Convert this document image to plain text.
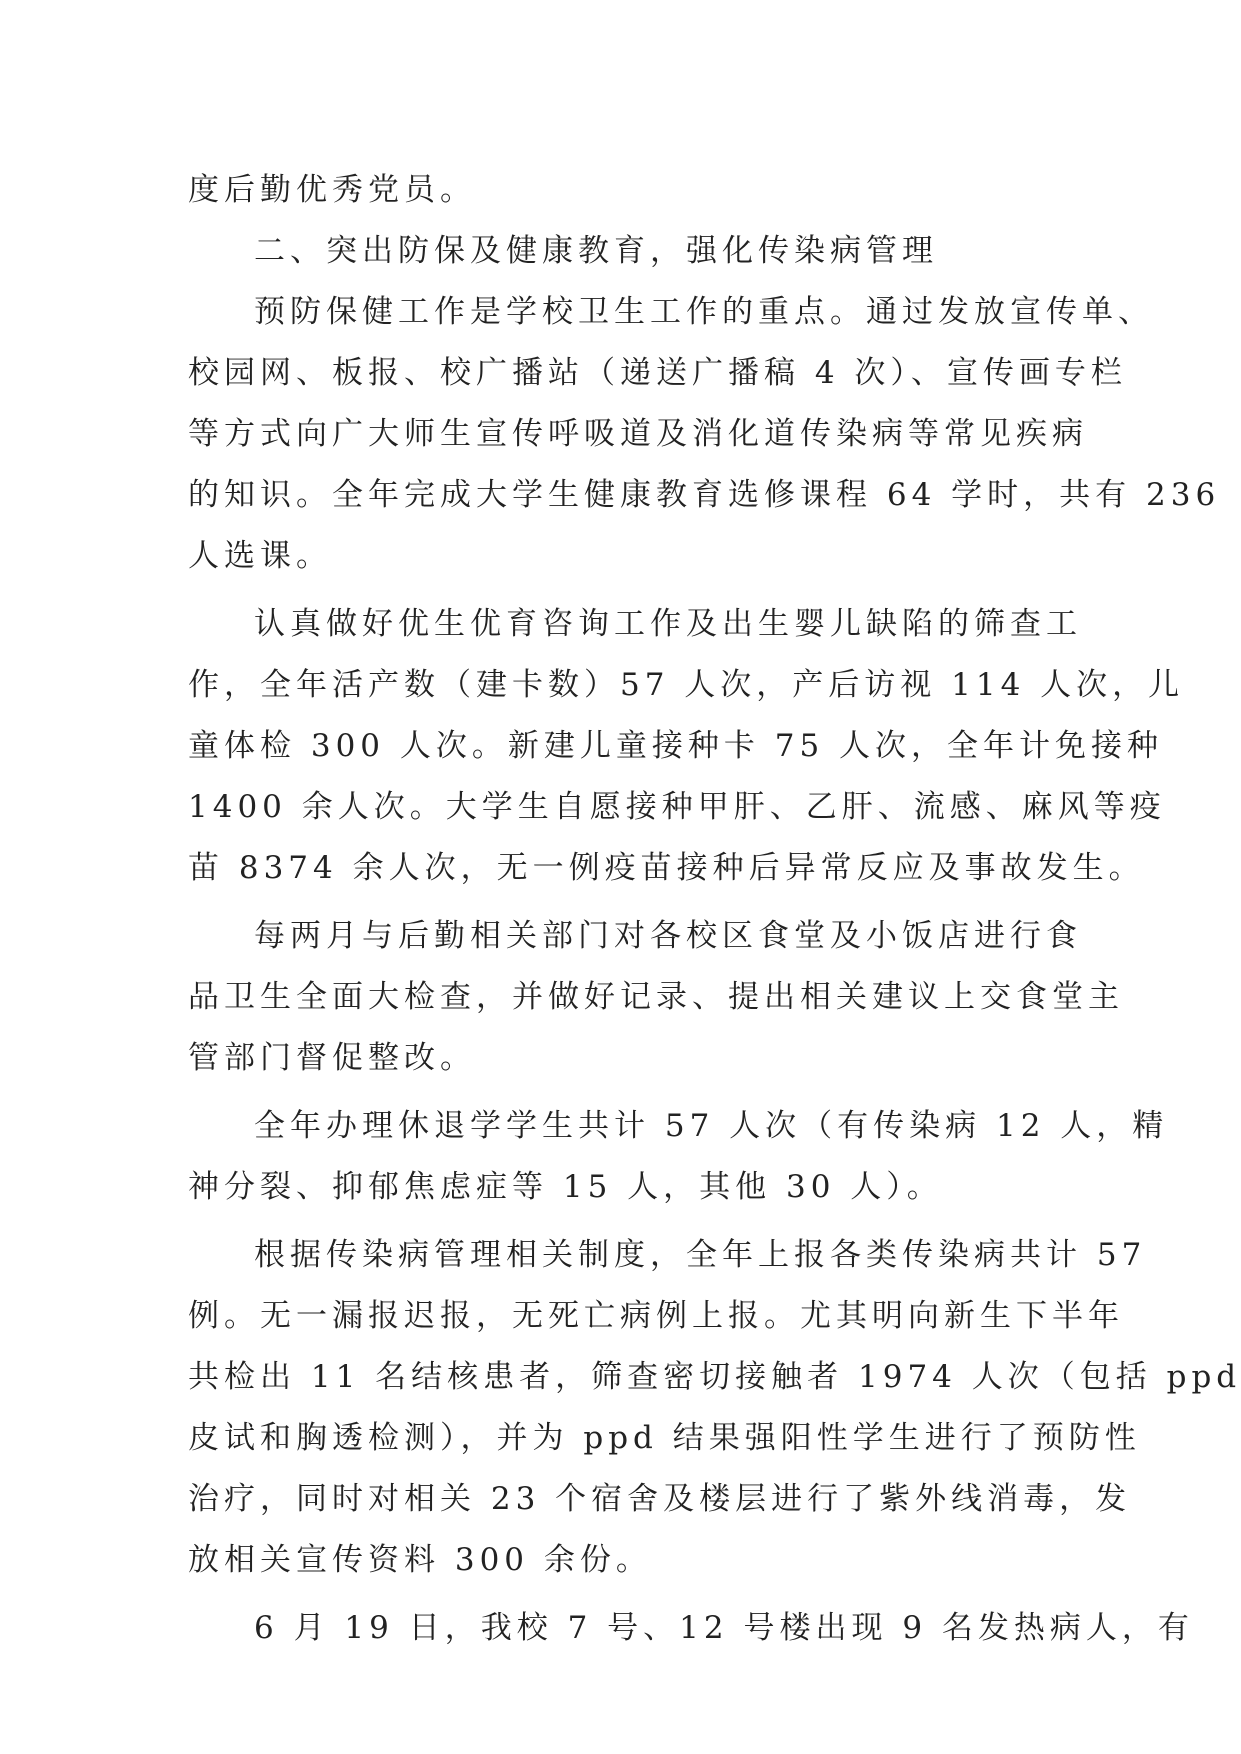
度后勤优秀党员。
二、突出防保及健康教育，强化传染病管理
预防保健工作是学校卫生工作的重点。通过发放宣传单、
校园网、板报、校广播站（递送广播稿 4 次）、宣传画专栏
等方式向广大师生宣传呼吸道及消化道传染病等常见疾病
的知识。全年完成大学生健康教育选修课程 64 学时，共有 236
人选课。
认真做好优生优育咨询工作及出生婴儿缺陷的筛查工
作，全年活产数（建卡数）57 人次，产后访视 114 人次，儿
童体检 300 人次。新建儿童接种卡 75 人次，全年计免接种
1400 余人次。大学生自愿接种甲肝、乙肝、流感、麻风等疫
苗 8374 余人次，无一例疫苗接种后异常反应及事故发生。
每两月与后勤相关部门对各校区食堂及小饭店进行食
品卫生全面大检查，并做好记录、提出相关建议上交食堂主
管部门督促整改。
全年办理休退学学生共计 57 人次（有传染病 12 人，精
神分裂、抑郁焦虑症等 15 人，其他 30 人）。
根据传染病管理相关制度，全年上报各类传染病共计 57
例。无一漏报迟报，无死亡病例上报。尤其明向新生下半年
共检出 11 名结核患者，筛查密切接触者 1974 人次（包括 ppd
皮试和胸透检测），并为 ppd 结果强阳性学生进行了预防性
治疗，同时对相关 23 个宿舍及楼层进行了紫外线消毒，发
放相关宣传资料 300 余份。
6 月 19 日，我校 7 号、12 号楼出现 9 名发热病人，有
